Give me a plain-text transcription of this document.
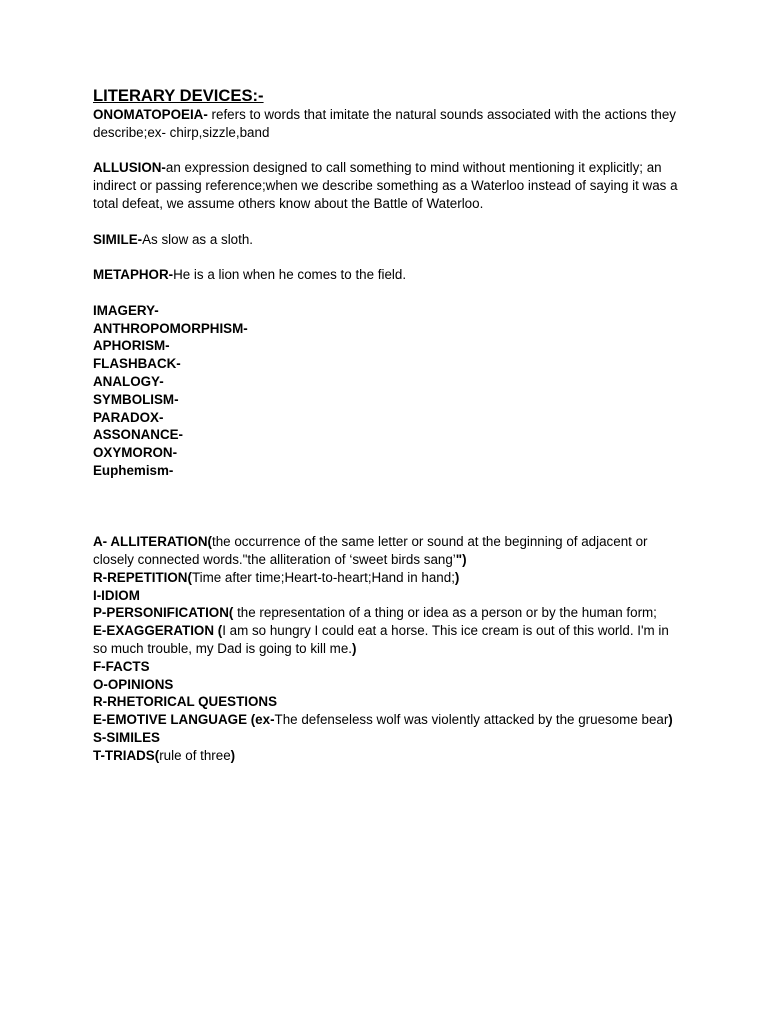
LITERARY DEVICES:-

ONOMATOPOEIA- refers to words that imitate the natural sounds associated with the actions they describe;ex- chirp,sizzle,band

ALLUSION-an expression designed to call something to mind without mentioning it explicitly; an indirect or passing reference;when we describe something as a Waterloo instead of saying it was a total defeat, we assume others know about the Battle of Waterloo.

SIMILE-As slow as a sloth.

METAPHOR-He is a lion when he comes to the field.

IMAGERY-

ANTHROPOMORPHISM-

APHORISM-

FLASHBACK-

ANALOGY-

SYMBOLISM-

PARADOX-

ASSONANCE-

OXYMORON-

Euphemism-

A- ALLITERATION(the occurrence of the same letter or sound at the beginning of adjacent or closely connected words."the alliteration of ‘sweet birds sang’")

R-REPETITION(Time after time;Heart-to-heart;Hand in hand;)

I-IDIOM

P-PERSONIFICATION( the representation of a thing or idea as a person or by the human form;

E-EXAGGERATION (I am so hungry I could eat a horse. This ice cream is out of this world. I'm in so much trouble, my Dad is going to kill me.)

F-FACTS

O-OPINIONS

R-RHETORICAL QUESTIONS

E-EMOTIVE LANGUAGE (ex-The defenseless wolf was violently attacked by the gruesome bear)

S-SIMILES

T-TRIADS(rule of three)
